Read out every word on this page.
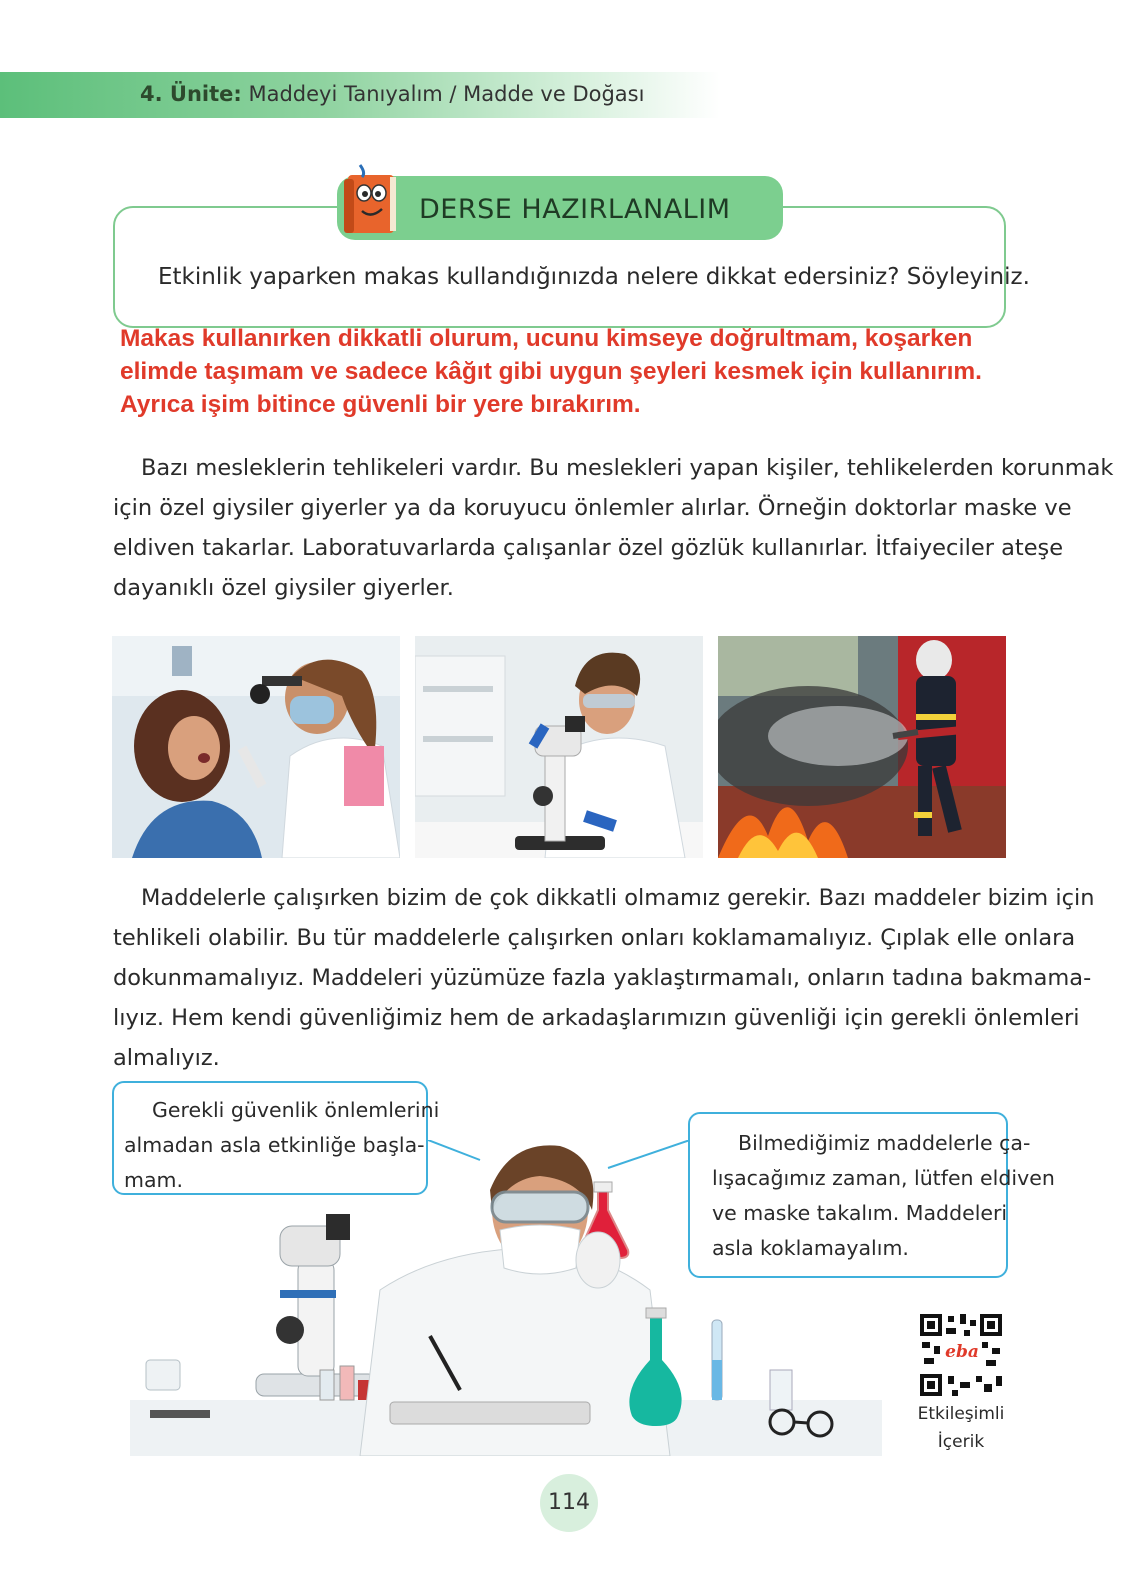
4. Ünite: Maddeyi Tanıyalım / Madde ve Doğası
DERSE HAZIRLANALIM
Etkinlik yaparken makas kullandığınızda nelere dikkat edersiniz? Söyleyiniz.
Makas kullanırken dikkatli olurum, ucunu kimseye doğrultmam, koşarken
elimde taşımam ve sadece kâğıt gibi uygun şeyleri kesmek için kullanırım.
Ayrıca işim bitince güvenli bir yere bırakırım.
Bazı mesleklerin tehlikeleri vardır. Bu meslekleri yapan kişiler, tehlikelerden korunmak
için özel giysiler giyerler ya da koruyucu önlemler alırlar. Örneğin doktorlar maske ve
eldiven takarlar. Laboratuvarlarda çalışanlar özel gözlük kullanırlar. İtfaiyeciler ateşe
dayanıklı özel giysiler giyerler.
Maddelerle çalışırken bizim de çok dikkatli olmamız gerekir. Bazı maddeler bizim için
tehlikeli olabilir. Bu tür maddelerle çalışırken onları koklamamalıyız. Çıplak elle onlara
dokunmamalıyız. Maddeleri yüzümüze fazla yaklaştırmamalı, onların tadına bakmama-
lıyız. Hem kendi güvenliğimiz hem de arkadaşlarımızın güvenliği için gerekli önlemleri
almalıyız.
Gerekli güvenlik önlemlerini
almadan asla etkinliğe başla-
mam.
Bilmediğimiz maddelerle ça-
lışacağımız zaman, lütfen eldiven
ve maske takalım. Maddeleri
asla koklamayalım.
eba
Etkileşimli
İçerik
114
